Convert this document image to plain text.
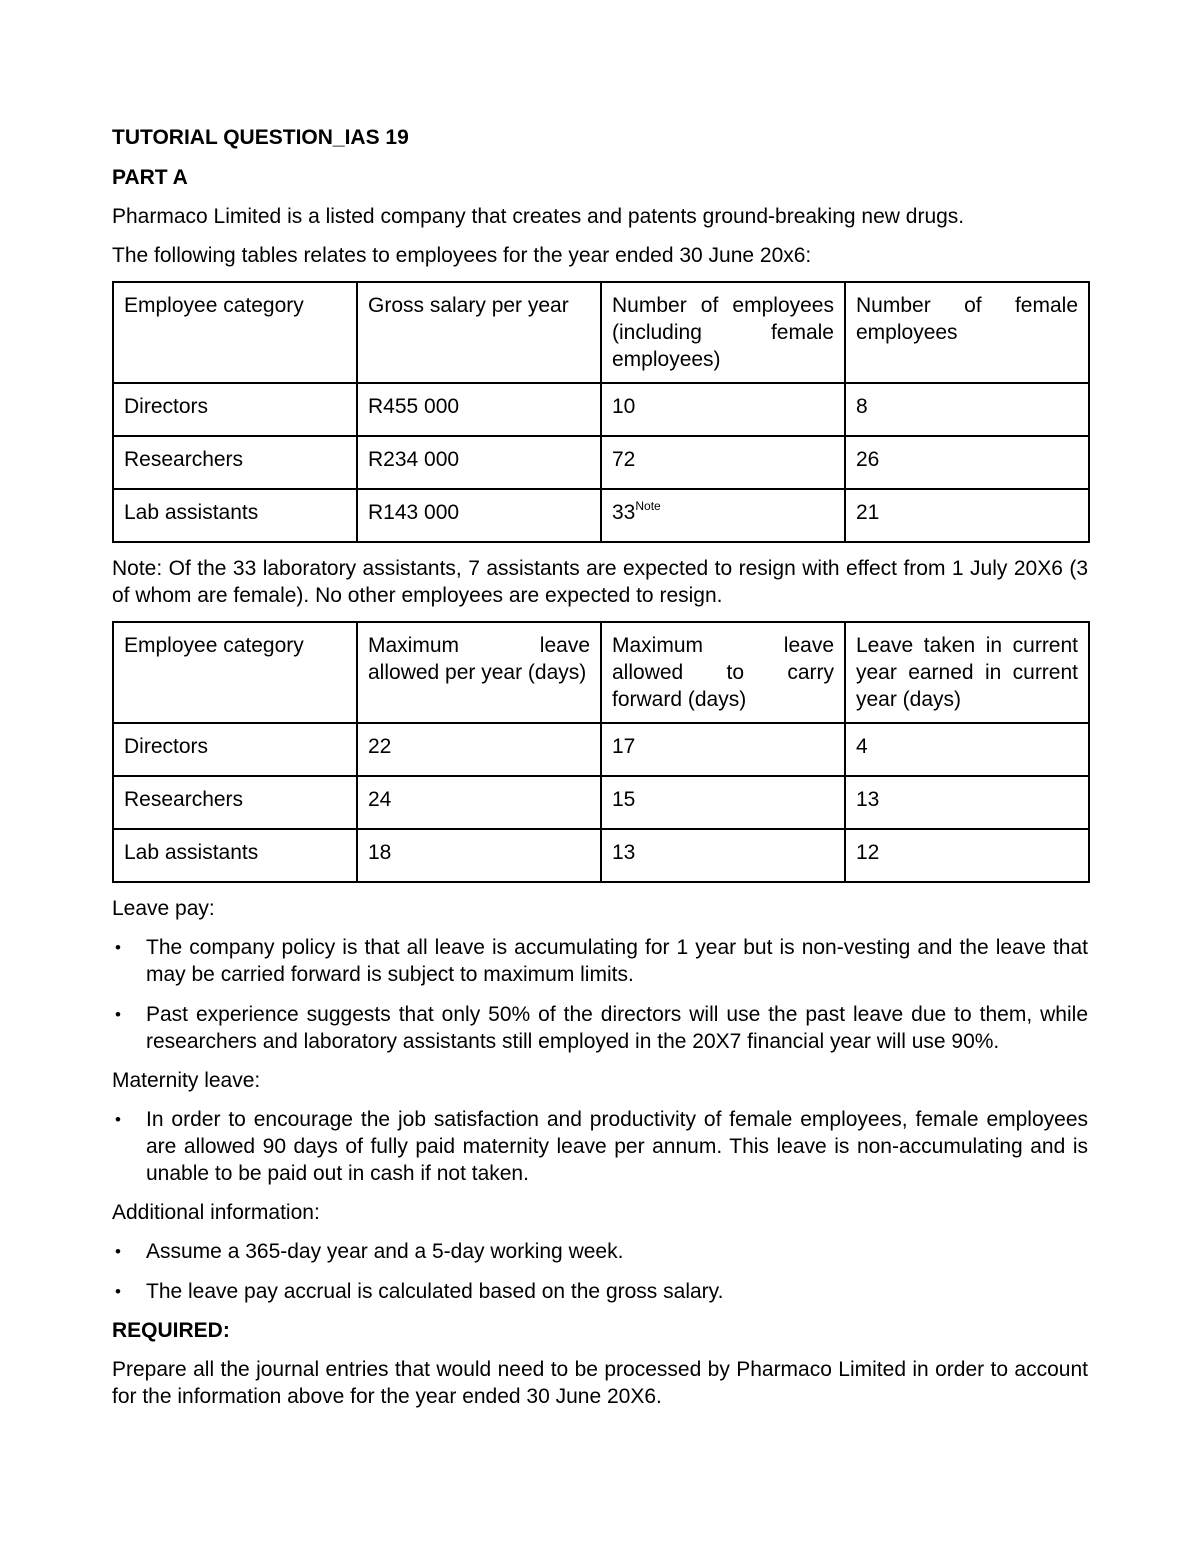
TUTORIAL QUESTION_IAS 19
PART A

Pharmaco Limited is a listed company that creates and patents ground-breaking new drugs.

The following tables relates to employees for the year ended 30 June 20x6:

Employee category	Gross salary per year	Number of employees (including female employees)	Number of female employees
Directors	R455 000	10	8
Researchers	R234 000	72	26
Lab assistants	R143 000	33$^{Note}$	21

Note: Of the 33 laboratory assistants, 7 assistants are expected to resign with effect from 1 July 20X6 (3 of whom are female). No other employees are expected to resign.

Employee category	Maximum leave allowed per year (days)	Maximum leave allowed to carry forward (days)	Leave taken in current year earned in current year (days)
Directors	22	17	4
Researchers	24	15	13
Lab assistants	18	13	12

Leave pay:

• The company policy is that all leave is accumulating for 1 year but is non-vesting and the leave that may be carried forward is subject to maximum limits.
• Past experience suggests that only 50% of the directors will use the past leave due to them, while researchers and laboratory assistants still employed in the 20X7 financial year will use 90%.

Maternity leave:

• In order to encourage the job satisfaction and productivity of female employees, female employees are allowed 90 days of fully paid maternity leave per annum. This leave is non-accumulating and is unable to be paid out in cash if not taken.

Additional information:

• Assume a 365-day year and a 5-day working week.
• The leave pay accrual is calculated based on the gross salary.
REQUIRED:

Prepare all the journal entries that would need to be processed by Pharmaco Limited in order to account for the information above for the year ended 30 June 20X6.
